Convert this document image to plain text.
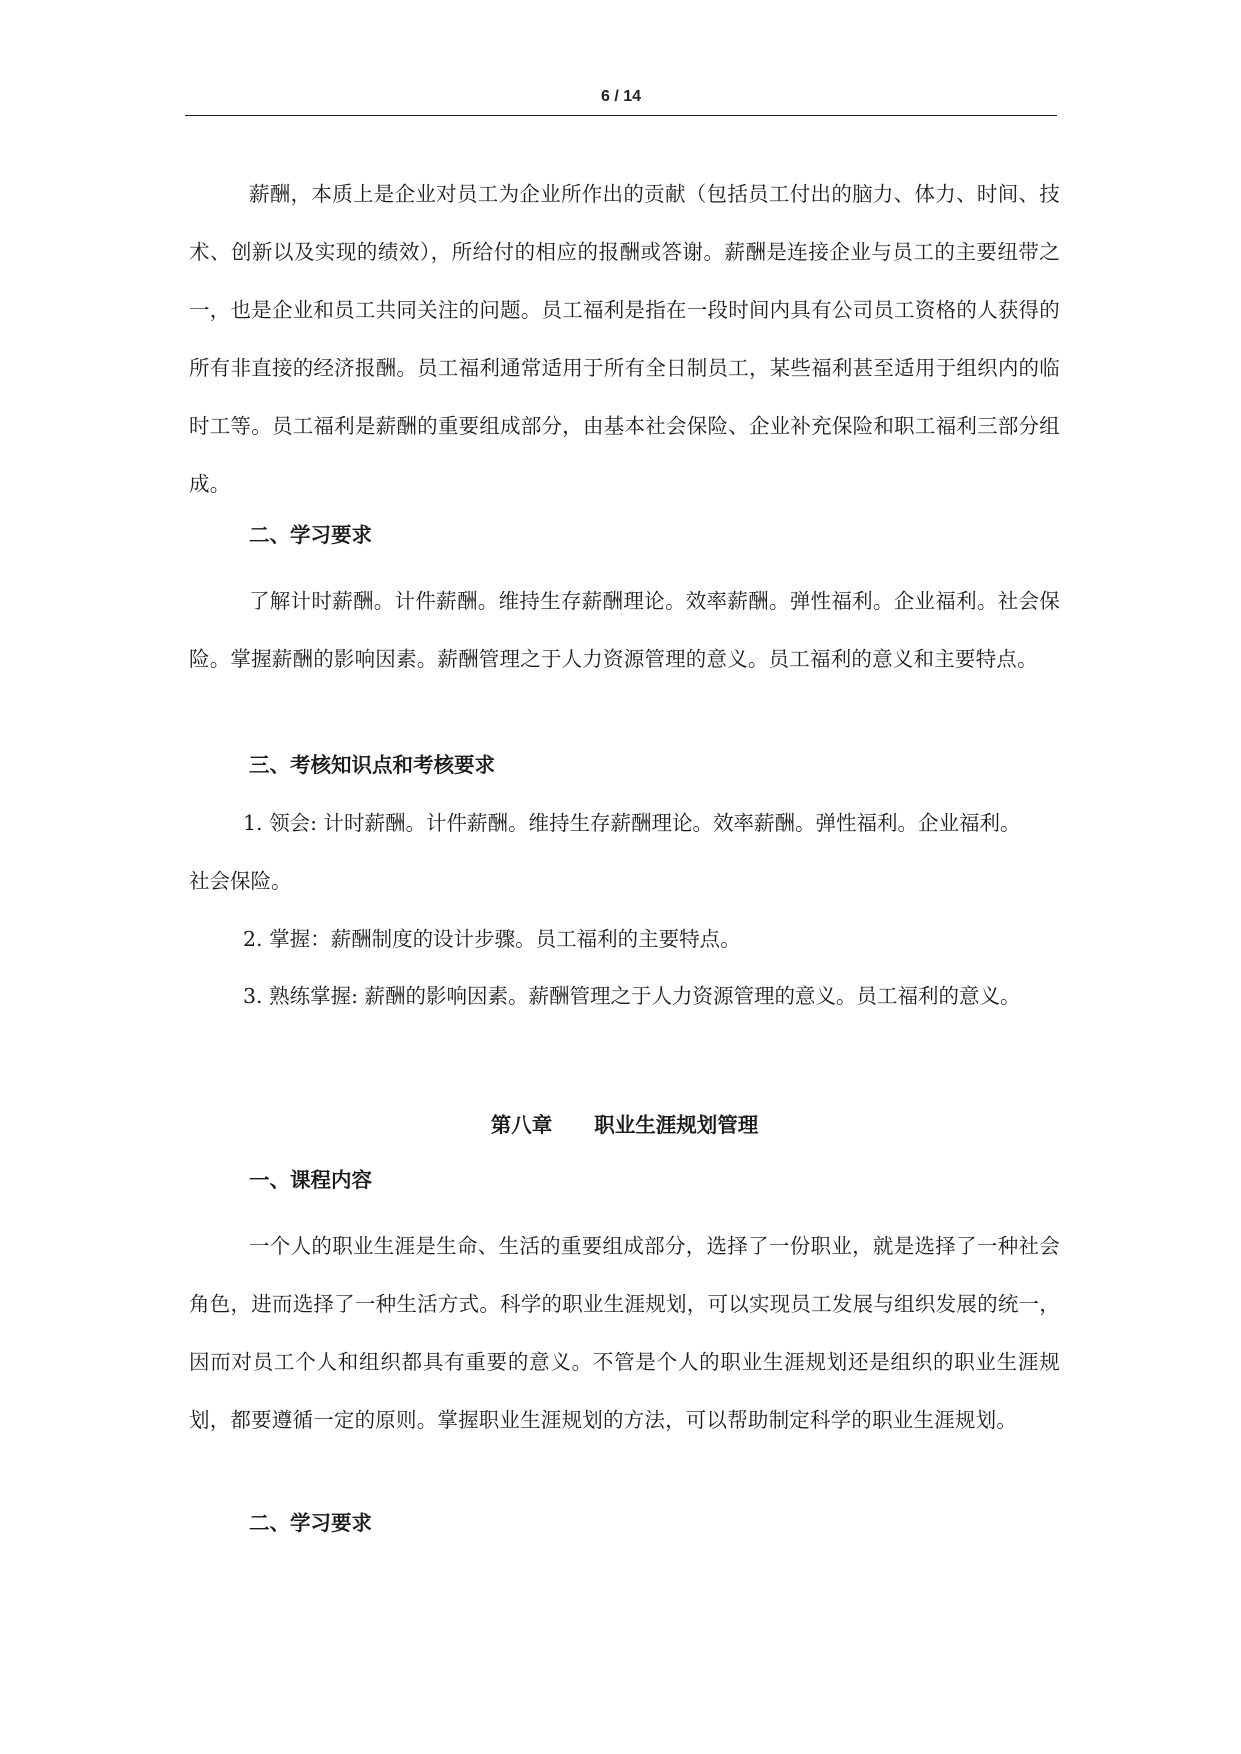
6 / 14

薪酬，本质上是企业对员工为企业所作出的贡献（包括员工付出的脑力、体力、时间、技术、创新以及实现的绩效），所给付的相应的报酬或答谢。薪酬是连接企业与员工的主要纽带之一，也是企业和员工共同关注的问题。员工福利是指在一段时间内具有公司员工资格的人获得的所有非直接的经济报酬。员工福利通常适用于所有全日制员工，某些福利甚至适用于组织内的临时工等。员工福利是薪酬的重要组成部分，由基本社会保险、企业补充保险和职工福利三部分组成。

二、学习要求

了解计时薪酬。计件薪酬。维持生存薪酬理论。效率薪酬。弹性福利。企业福利。社会保险。掌握薪酬的影响因素。薪酬管理之于人力资源管理的意义。员工福利的意义和主要特点。

三、考核知识点和考核要求
1. 领会: 计时薪酬。计件薪酬。维持生存薪酬理论。效率薪酬。弹性福利。企业福利。
社会保险。
2. 掌握：薪酬制度的设计步骤。员工福利的主要特点。
3. 熟练掌握: 薪酬的影响因素。薪酬管理之于人力资源管理的意义。员工福利的意义。
第八章 职业生涯规划管理
一、课程内容

一个人的职业生涯是生命、生活的重要组成部分，选择了一份职业，就是选择了一种社会角色，进而选择了一种生活方式。科学的职业生涯规划，可以实现员工发展与组织发展的统一，因而对员工个人和组织都具有重要的意义。不管是个人的职业生涯规划还是组织的职业生涯规划，都要遵循一定的原则。掌握职业生涯规划的方法，可以帮助制定科学的职业生涯规划。

二、学习要求
